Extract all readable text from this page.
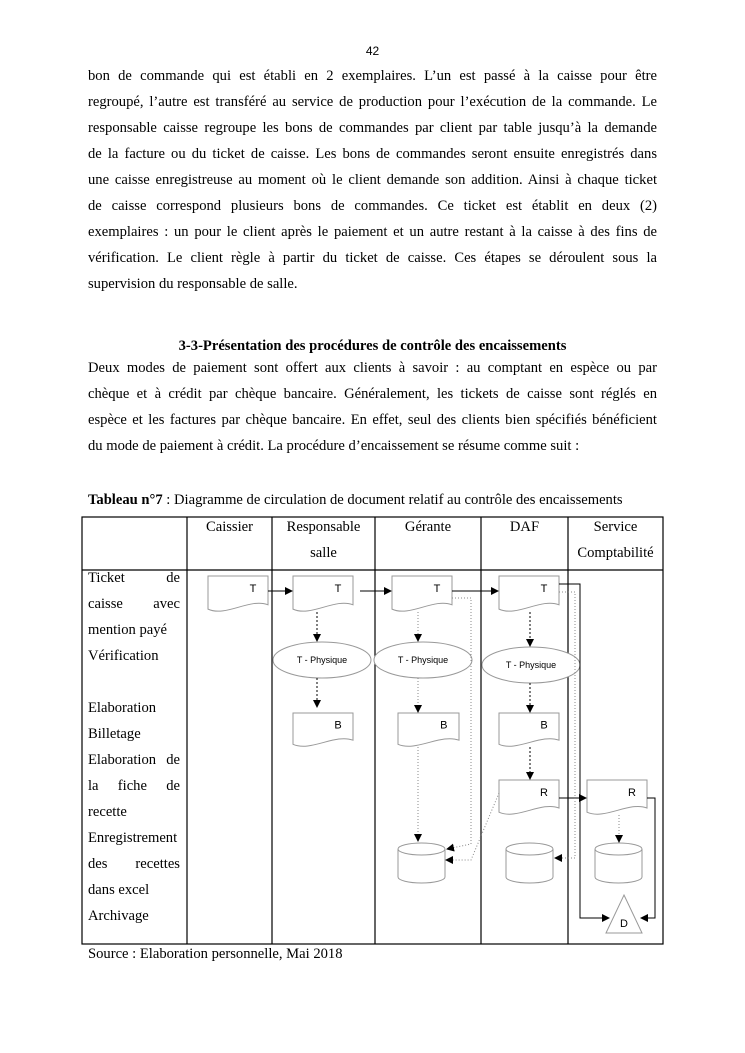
42
bon de commande qui est établi en 2 exemplaires. L’un est passé à la caisse pour être
regroupé, l’autre est transféré au service de production pour l’exécution de la commande. Le
responsable caisse regroupe les bons de commandes par client par table jusqu’à la demande
de la facture ou du ticket de caisse. Les bons de commandes seront ensuite enregistrés dans
une caisse enregistreuse au moment où le client demande son addition. Ainsi à chaque ticket
de caisse correspond plusieurs bons de commandes. Ce ticket est établit en deux (2)
exemplaires : un pour le client après le paiement et un autre restant à la caisse à des fins de
vérification. Le client règle à partir du ticket de caisse. Ces étapes se déroulent sous la
supervision du responsable de salle.
3-3-Présentation des procédures de contrôle des encaissements
Deux modes de paiement sont offert aux clients à savoir : au comptant en espèce ou par
chèque et à crédit par chèque bancaire. Généralement, les tickets de caisse sont réglés en
espèce et les factures par chèque bancaire. En effet, seul des clients bien spécifiés bénéficient
du mode de paiement à crédit. La procédure d’encaissement se résume comme suit :
Tableau n°7 : Diagramme de circulation de document relatif au contrôle des encaissements
T	T	T	T
B	B	B
R	R
T - Physique	T - Physique	T - Physique
D
Caissier	Responsable
salle
Gérante	DAF	Service
Comptabilité
Ticket de
caisse avec
mention payé
Vérification
Elaboration
Billetage
Elaboration de
la fiche de
recette
Enregistrement
des recettes
dans excel
Archivage
Source : Elaboration personnelle, Mai 2018
